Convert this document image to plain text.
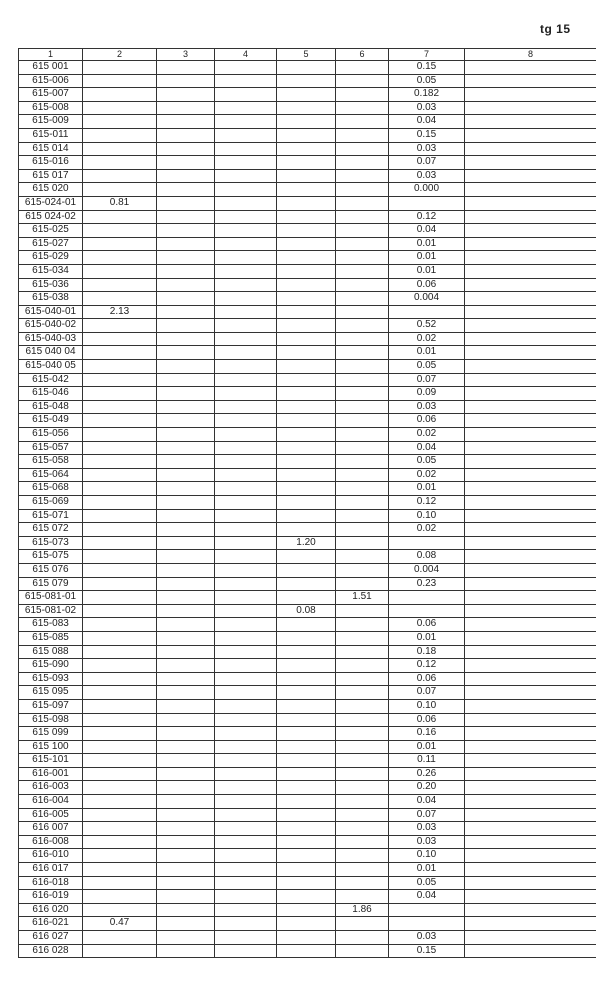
tg 15
1	2	3	4	5	6	7	8
615 001						0.15	
615-006						0.05	
615-007						0.182	
615-008						0.03	
615-009						0.04	
615-011						0.15	
615 014						0.03	
615-016						0.07	
615 017						0.03	
615 020						0.000	
615-024-01	0.81						
615 024-02						0.12	
615-025						0.04	
615-027						0.01	
615-029						0.01	
615-034						0.01	
615-036						0.06	
615-038						0.004	
615-040-01	2.13						
615-040-02						0.52	
615-040-03						0.02	
615 040 04						0.01	
615-040 05						0.05	
615-042						0.07	
615-046						0.09	
615-048						0.03	
615-049						0.06	
615-056						0.02	
615-057						0.04	
615-058						0.05	
615-064						0.02	
615-068						0.01	
615-069						0.12	
615-071						0.10	
615 072						0.02	
615-073				1.20			
615-075						0.08	
615 076						0.004	
615 079						0.23	
615-081-01					1.51		
615-081-02				0.08			
615-083						0.06	
615-085						0.01	
615 088						0.18	
615-090						0.12	
615-093						0.06	
615 095						0.07	
615-097						0.10	
615-098						0.06	
615 099						0.16	
615 100						0.01	
615-101						0.11	
616-001						0.26	
616-003						0.20	
616-004						0.04	
616-005						0.07	
616 007						0.03	
616-008						0.03	
616-010						0.10	
616 017						0.01	
616-018						0.05	
616-019						0.04	
616 020					1.86		
616-021	0.47						
616 027						0.03	
616 028						0.15	
